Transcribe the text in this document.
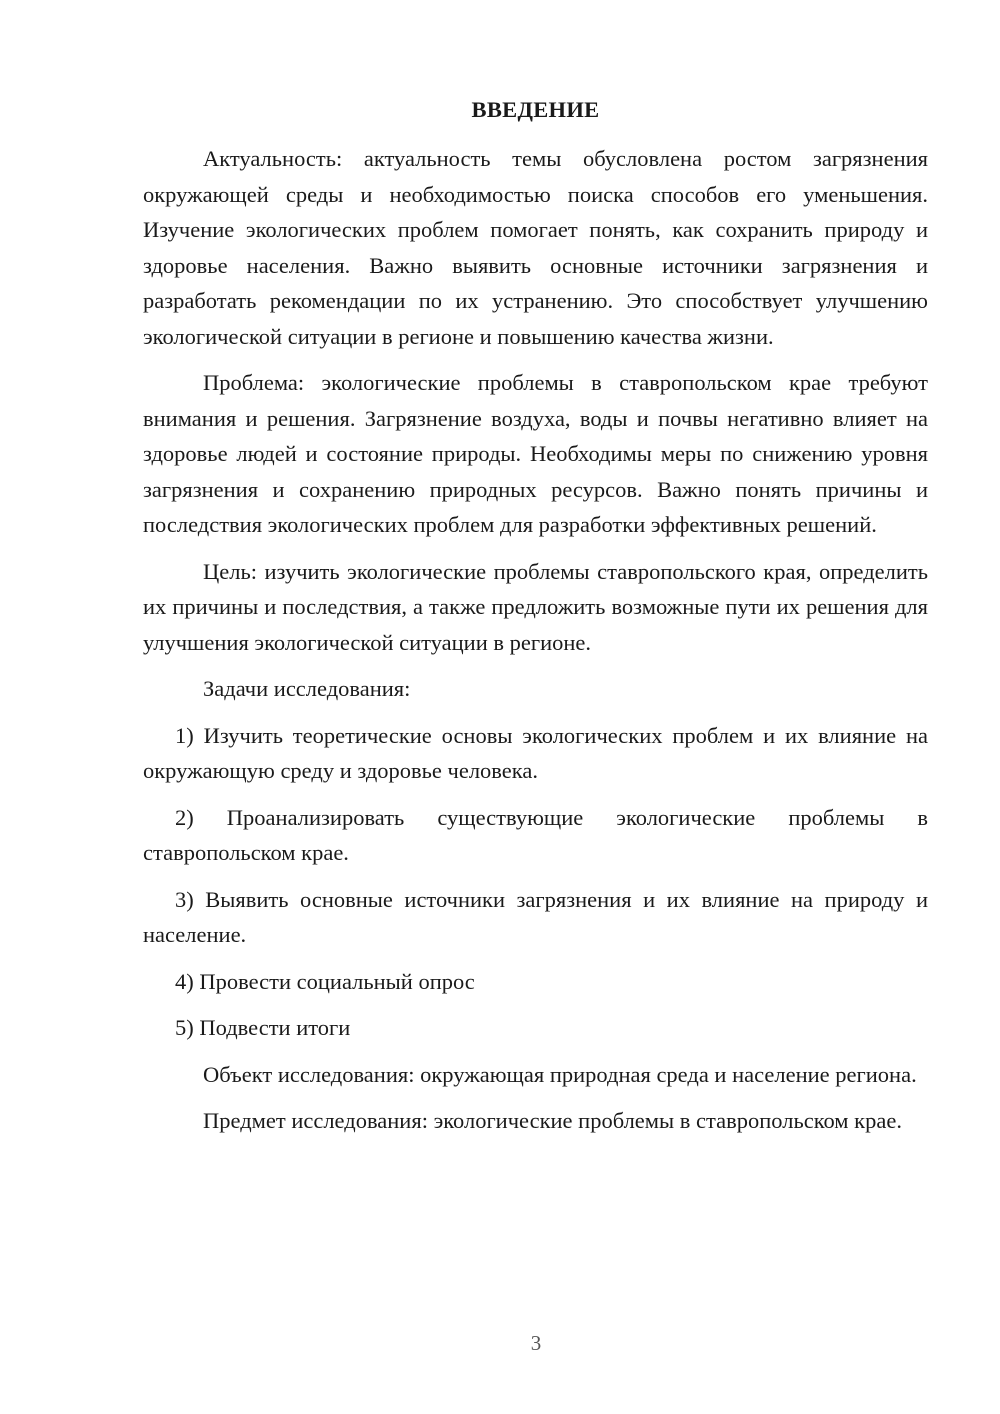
ВВЕДЕНИЕ

Актуальность: актуальность темы обусловлена ростом загрязнения окружающей среды и необходимостью поиска способов его уменьшения. Изучение экологических проблем помогает понять, как сохранить природу и здоровье населения. Важно выявить основные источники загрязнения и разработать рекомендации по их устранению. Это способствует улучшению экологической ситуации в регионе и повышению качества жизни.

Проблема: экологические проблемы в ставропольском крае требуют внимания и решения. Загрязнение воздуха, воды и почвы негативно влияет на здоровье людей и состояние природы. Необходимы меры по снижению уровня загрязнения и сохранению природных ресурсов. Важно понять причины и последствия экологических проблем для разработки эффективных решений.

Цель: изучить экологические проблемы ставропольского края, определить их причины и последствия, а также предложить возможные пути их решения для улучшения экологической ситуации в регионе.

Задачи исследования:

1) Изучить теоретические основы экологических проблем и их влияние на окружающую среду и здоровье человека.

2) Проанализировать существующие экологические проблемы в ставропольском крае.

3) Выявить основные источники загрязнения и их влияние на природу и население.

4) Провести социальный опрос

5) Подвести итоги

Объект исследования: окружающая природная среда и население региона.

Предмет исследования: экологические проблемы в ставропольском крае.

3
